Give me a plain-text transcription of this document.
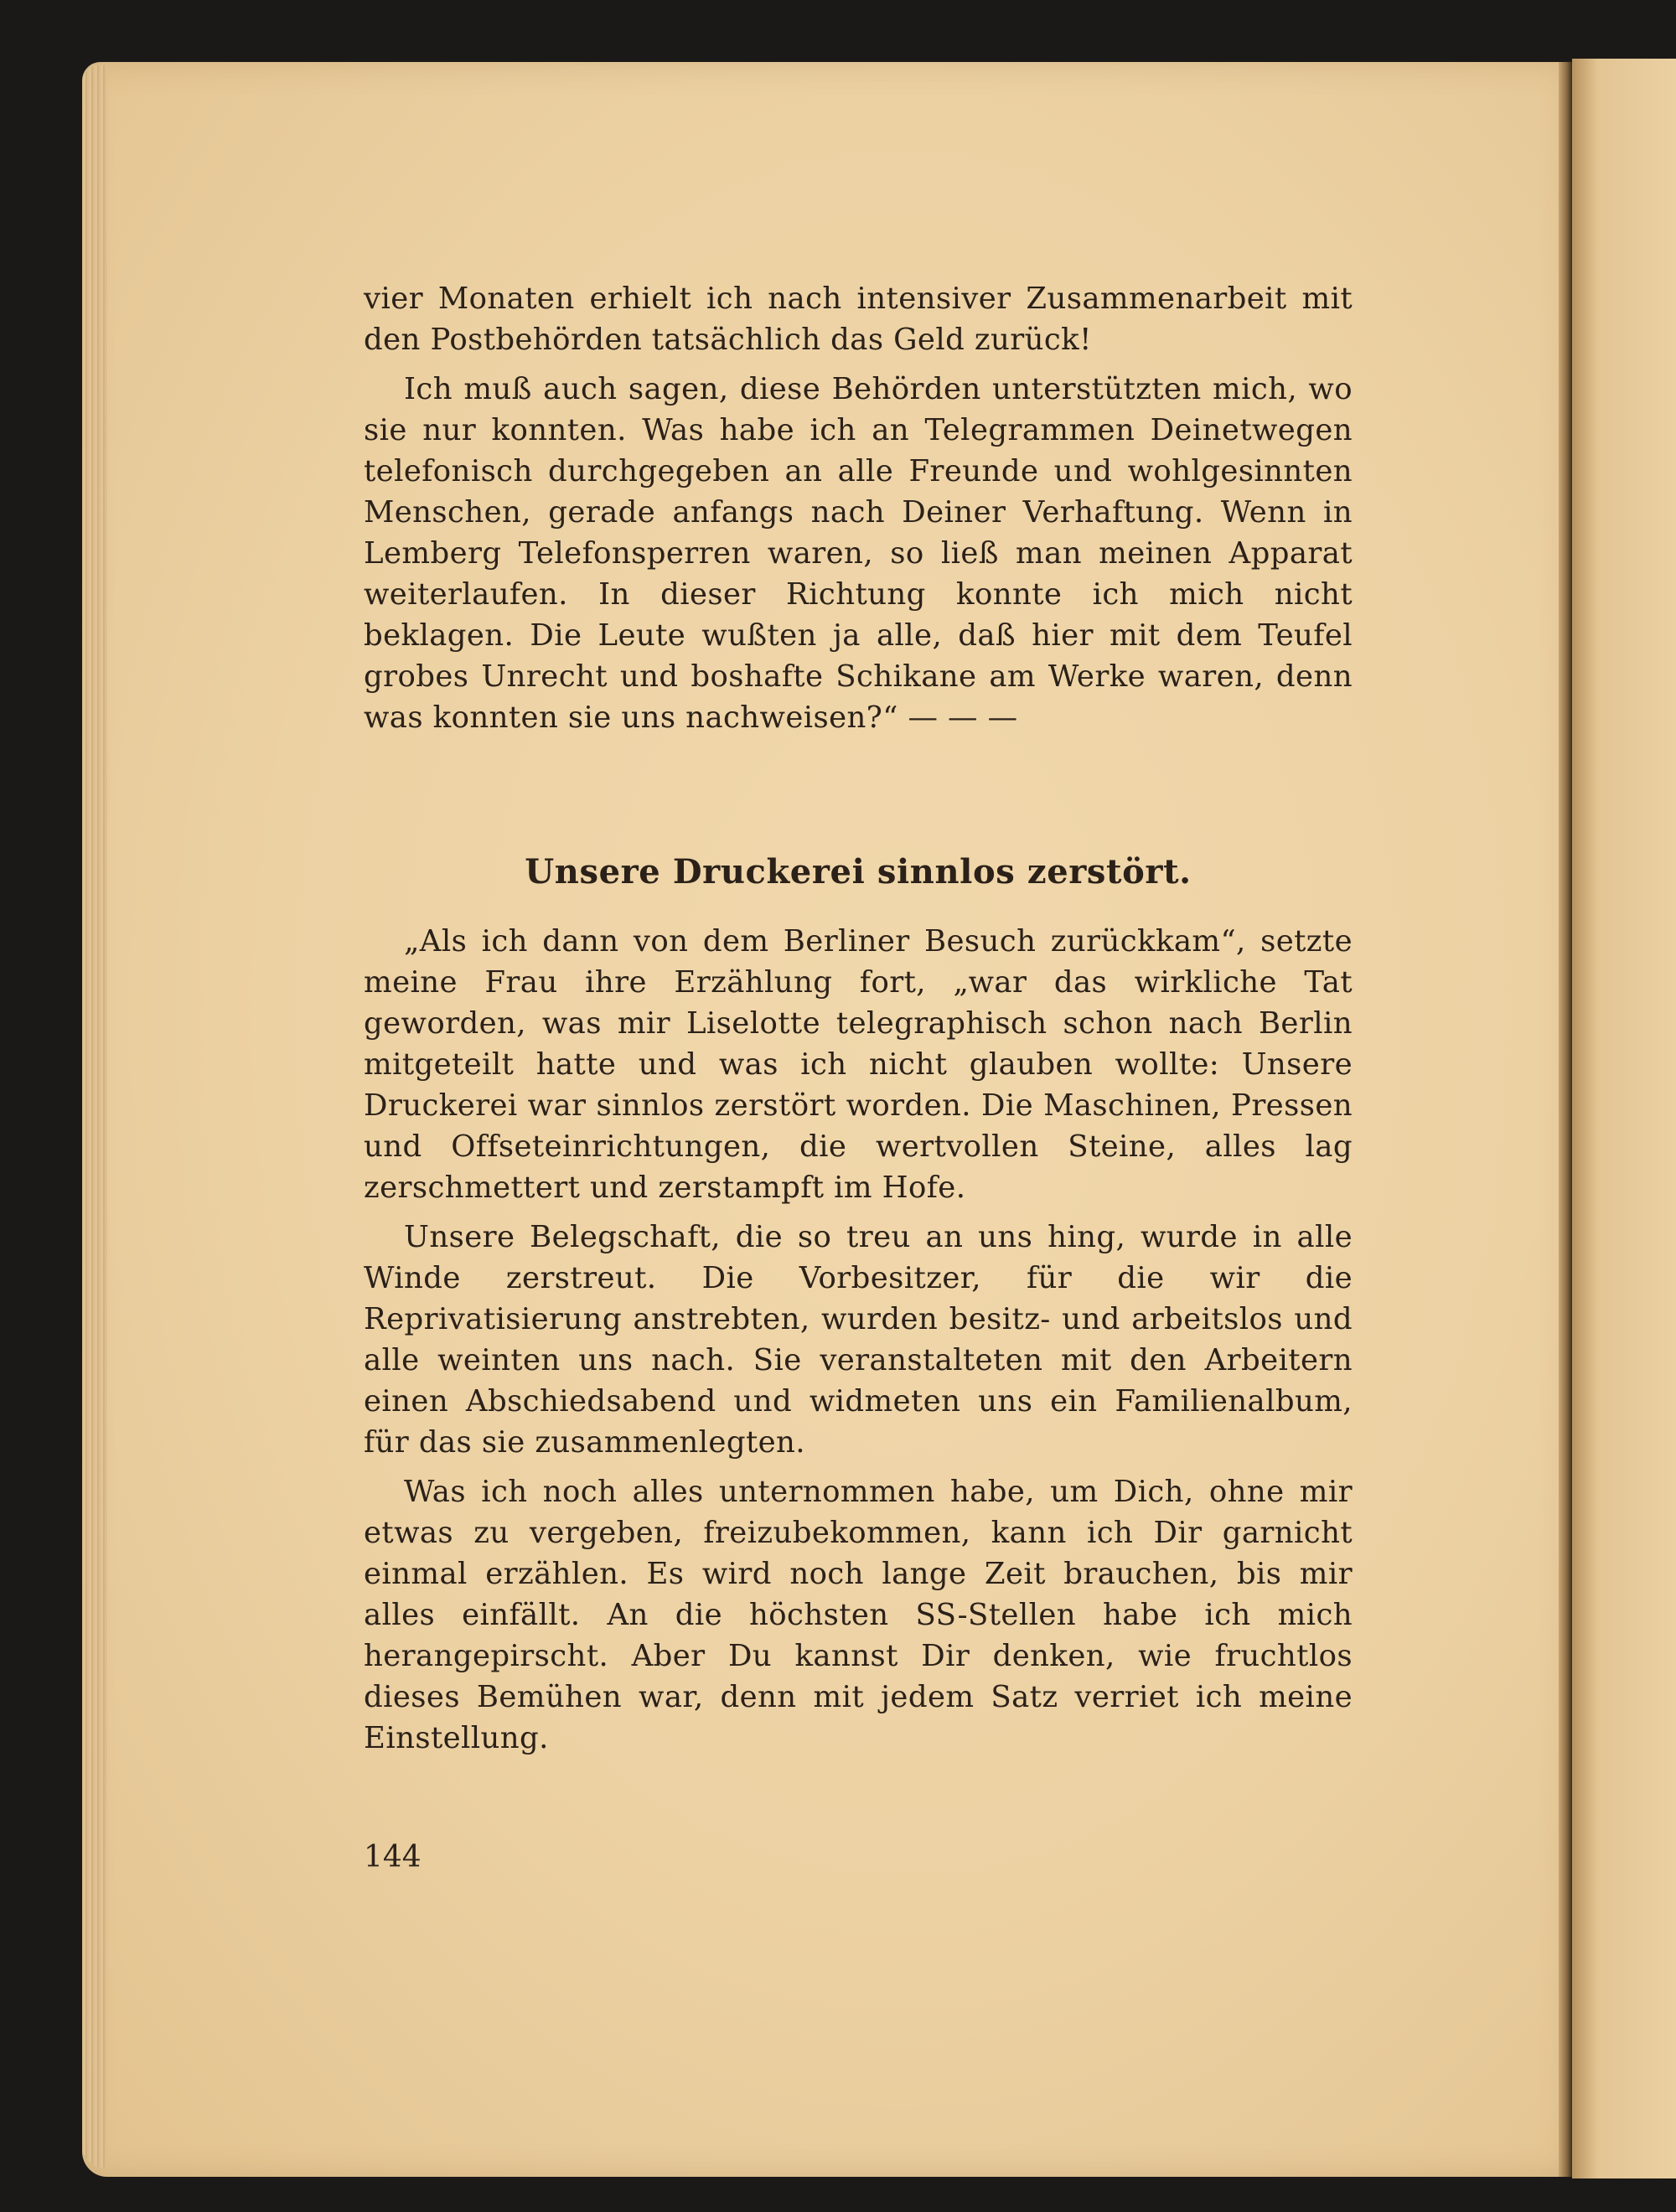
vier Monaten erhielt ich nach intensiver Zusammenarbeit mit den Postbehörden tatsächlich das Geld zurück!

Ich muß auch sagen, diese Behörden unterstützten mich, wo sie nur konnten. Was habe ich an Telegrammen Deinetwegen telefonisch durchgegeben an alle Freunde und wohlgesinnten Menschen, gerade anfangs nach Deiner Verhaftung. Wenn in Lemberg Telefonsperren waren, so ließ man meinen Apparat weiterlaufen. In dieser Richtung konnte ich mich nicht beklagen. Die Leute wußten ja alle, daß hier mit dem Teufel grobes Unrecht und boshafte Schikane am Werke waren, denn was konnten sie uns nachweisen?“ — — —

Unsere Druckerei sinnlos zerstört.

„Als ich dann von dem Berliner Besuch zurückkam“, setzte meine Frau ihre Erzählung fort, „war das wirkliche Tat geworden, was mir Liselotte telegraphisch schon nach Berlin mitgeteilt hatte und was ich nicht glauben wollte: Unsere Druckerei war sinnlos zerstört worden. Die Maschinen, Pressen und Offseteinrichtungen, die wertvollen Steine, alles lag zerschmettert und zerstampft im Hofe.

Unsere Belegschaft, die so treu an uns hing, wurde in alle Winde zerstreut. Die Vorbesitzer, für die wir die Reprivatisierung anstrebten, wurden besitz- und arbeitslos und alle weinten uns nach. Sie veranstalteten mit den Arbeitern einen Abschiedsabend und widmeten uns ein Familienalbum, für das sie zusammenlegten.

Was ich noch alles unternommen habe, um Dich, ohne mir etwas zu vergeben, freizubekommen, kann ich Dir garnicht einmal erzählen. Es wird noch lange Zeit brauchen, bis mir alles einfällt. An die höchsten SS-Stellen habe ich mich herangepirscht. Aber Du kannst Dir denken, wie fruchtlos dieses Bemühen war, denn mit jedem Satz verriet ich meine Einstellung.

144
